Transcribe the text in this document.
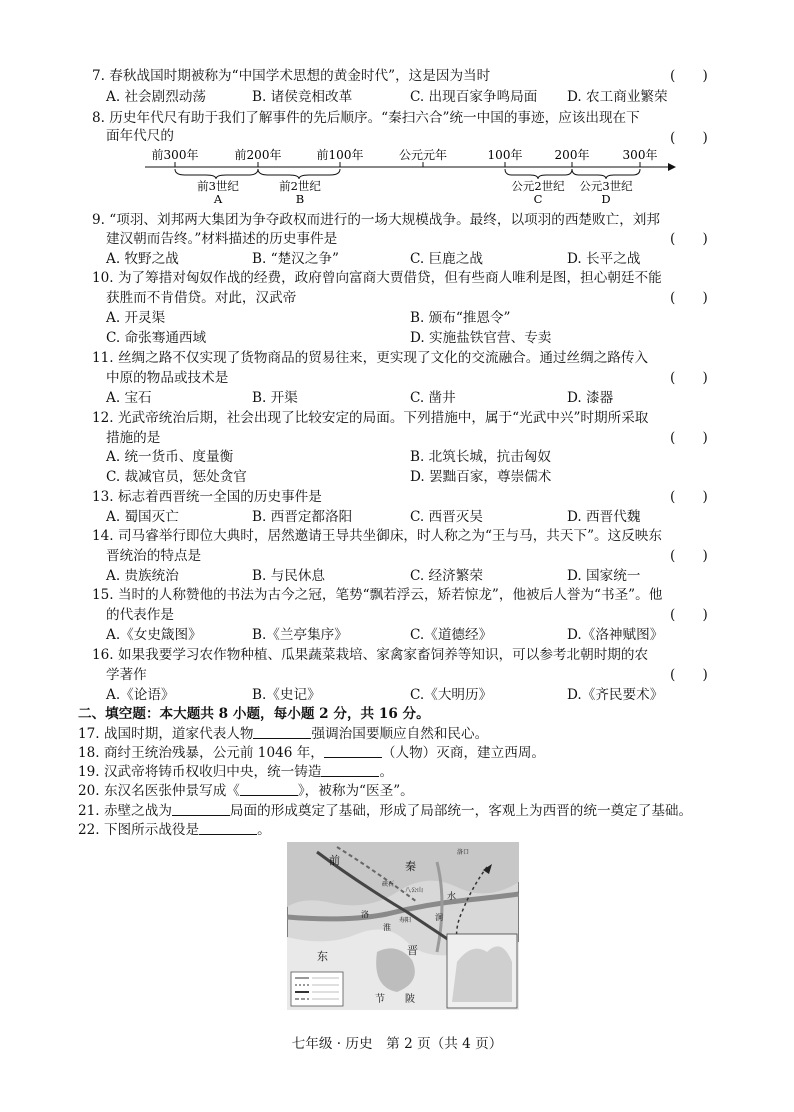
7. 春秋战国时期被称为“中国学术思想的黄金时代”，这是因为当时	(　　)
A. 社会剧烈动荡	B. 诸侯竞相改革	C. 出现百家争鸣局面 D. 农工商业繁荣
8. 历史年代尺有助于我们了解事件的先后顺序。“秦扫六合”统一中国的事迹，应该出现在下
面年代尺的	(　　)
前300年	前200年	前100年	公元元年	100年	200年	300年
前3世纪
A
前2世纪
B
公元2世纪
C
公元3世纪
D
9. “项羽、刘邦两大集团为争夺政权而进行的一场大规模战争。最终，以项羽的西楚败亡，刘邦
建汉朝而告终。”材料描述的历史事件是	(　　)
A. 牧野之战	B. “楚汉之争”	C. 巨鹿之战	D. 长平之战
10. 为了筹措对匈奴作战的经费，政府曾向富商大贾借贷，但有些商人唯利是图，担心朝廷不能
获胜而不肯借贷。对此，汉武帝	(　　)
A. 开灵渠	B. 颁布“推恩令”
C. 命张骞通西域	D. 实施盐铁官营、专卖
11. 丝绸之路不仅实现了货物商品的贸易往来，更实现了文化的交流融合。通过丝绸之路传入
中原的物品或技术是	(　　)
A. 宝石	B. 开渠	C. 凿井	D. 漆器
12. 光武帝统治后期，社会出现了比较安定的局面。下列措施中，属于“光武中兴”时期所采取
措施的是	(　　)
A. 统一货币、度量衡	B. 北筑长城，抗击匈奴
C. 裁减官员，惩处贪官	D. 罢黜百家，尊崇儒术
13. 标志着西晋统一全国的历史事件是	(　　)
A. 蜀国灭亡	B. 西晋定都洛阳	C. 西晋灭吴	D. 西晋代魏
14. 司马睿举行即位大典时，居然邀请王导共坐御床，时人称之为“王与马，共天下”。这反映东
晋统治的特点是	(　　)
A. 贵族统治	B. 与民休息	C. 经济繁荣	D. 国家统一
15. 当时的人称赞他的书法为古今之冠，笔势“飘若浮云，矫若惊龙”，他被后人誉为“书圣”。他
的代表作是	(　　)
A.《女史箴图》	B.《兰亭集序》	C.《道德经》	D.《洛神赋图》
16. 如果我要学习农作物种植、瓜果蔬菜栽培、家禽家畜饲养等知识，可以参考北朝时期的农
学著作	(　　)
A.《论语》	B.《史记》	C.《大明历》	D.《齐民要术》
二、填空题：本大题共 8 小题，每小题 2 分，共 16 分。
17. 战国时期，道家代表人物	强调治国要顺应自然和民心。
18. 商纣王统治残暴，公元前 1046 年，	（人物）灭商，建立西周。
19. 汉武帝将铸币权收归中央，统一铸造	。
20. 东汉名医张仲景写成《	》，被称为“医圣”。
21. 赤壁之战为	局面的形成奠定了基础，形成了局部统一，客观上为西晋的统一奠定了基础。
22. 下图所示战役是	。
前	秦
东	晋
节 陂
水
淮
八公山
寿阳
洛	涧
洛口
硖石
七年级 · 历史　第 2 页（共 4 页）
